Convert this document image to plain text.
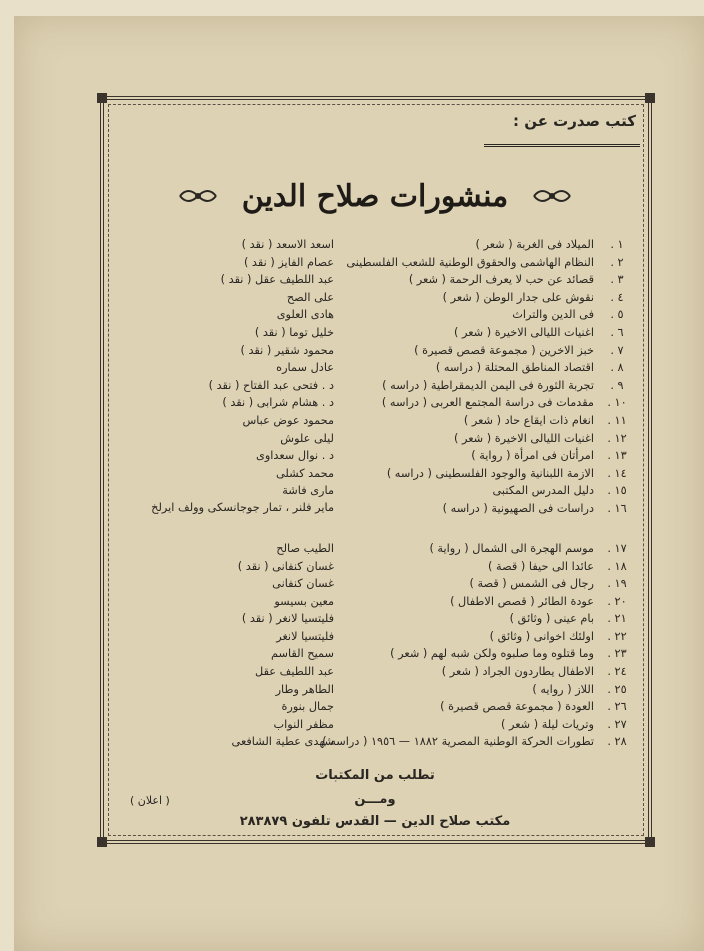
كتب صدرت عن :
منشورات صلاح الدين
١ .
الميلاد فى الغربة ( شعر )
اسعد الاسعد ( نقد )
٢ .
النظام الهاشمى والحقوق الوطنية للشعب الفلسطينى
عصام الفايز ( نقد )
٣ .
قصائد عن حب لا يعرف الرحمة ( شعر )
عبد اللطيف عقل ( نقد )
٤ .
نقوش على جدار الوطن ( شعر )
على الصح
٥ .
فى الدين والتراث
هادى العلوى
٦ .
اغنيات الليالى الاخيرة ( شعر )
خليل توما ( نقد )
٧ .
خبز الاخرين ( مجموعة قصص قصيرة )
محمود شقير ( نقد )
٨ .
اقتصاد المناطق المحتلة ( دراسه )
عادل سماره
٩ .
تجربة الثورة فى اليمن الديمقراطية ( دراسه )
د . فتحى عبد الفتاح ( نقد )
١٠ .
مقدمات فى دراسة المجتمع العربى ( دراسه )
د . هشام شرابى ( نقد )
١١ .
انغام ذات ايقاع حاد ( شعر )
محمود عوض عباس
١٢ .
اغنيات الليالى الاخيرة ( شعر )
ليلى علوش
١٣ .
امرأتان فى امرأة ( رواية )
د . نوال سعداوى
١٤ .
الازمة اللبنانية والوجود الفلسطينى ( دراسه )
محمد كشلى
١٥ .
دليل المدرس المكتبى
مارى فاشة
١٦ .
دراسات فى الصهيونية ( دراسه )
ماير فلنر ، تمار جوجانسكى وولف ايرلخ
١٧ .
موسم الهجرة الى الشمال ( رواية )
الطيب صالح
١٨ .
عائدا الى حيفا ( قصة )
غسان كنفانى ( نقد )
١٩ .
رجال فى الشمس ( قصة )
غسان كنفانى
٢٠ .
عودة الطائر ( قصص الاطفال )
معين بسيسو
٢١ .
بام عينى ( وثائق )
فليتسيا لانغر ( نقد )
٢٢ .
اولئك اخوانى ( وثائق )
فليتسيا لانغر
٢٣ .
وما قتلوه وما صلبوه ولكن شبه لهم ( شعر )
سميح القاسم
٢٤ .
الاطفال يطاردون الجراد ( شعر )
عبد اللطيف عقل
٢٥ .
اللاز ( روايه )
الطاهر وطار
٢٦ .
العودة ( مجموعة قصص قصيرة )
جمال بنورة
٢٧ .
وتريات ليلة ( شعر )
مظفر النواب
٢٨ .
تطورات الحركة الوطنية المصرية ١٨٨٢ — ١٩٥٦ ( دراسه )
شهدى عطية الشافعى
تطلب من المكتبات
ومـــن
مكتب صلاح الدين — القدس تلفون ٢٨٣٨٧٩
( اعلان )
